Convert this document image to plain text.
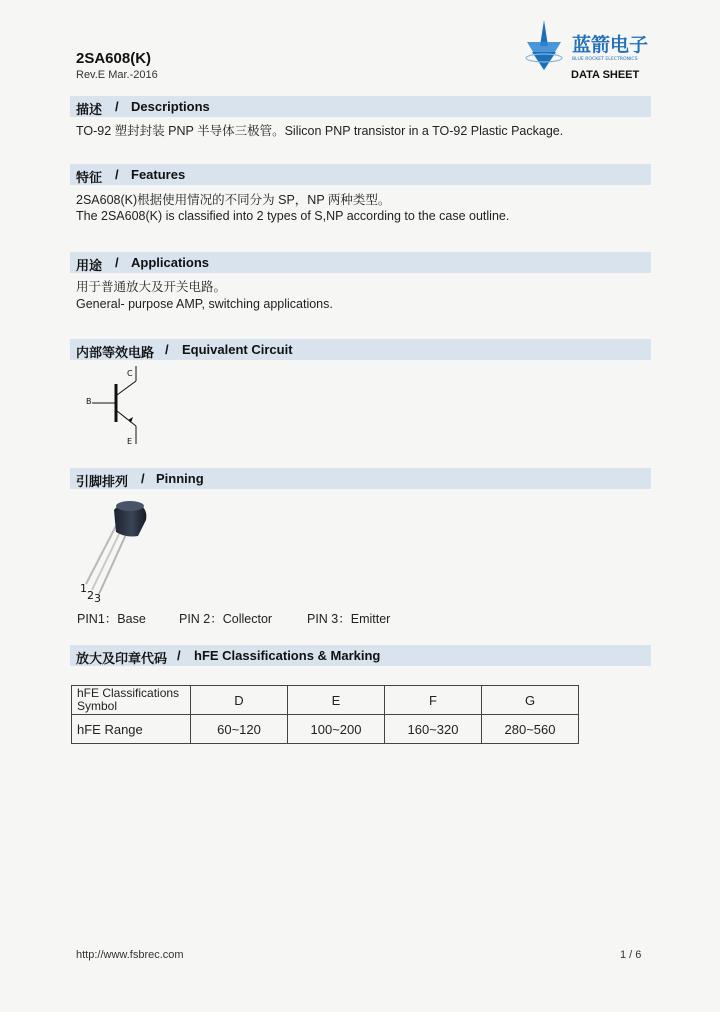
2SA608(K)
Rev.E Mar.-2016
蓝箭电子
BLUE ROCKET ELECTRONICS
DATA SHEET
描述 / Descriptions
TO-92 塑封封装 PNP 半导体三极管。Silicon PNP transistor in a TO-92 Plastic Package.
特征 / Features
2SA608(K)根据使用情况的不同分为 SP，NP 两种类型。
The 2SA608(K) is classified into 2 types of S,NP according to the case outline.
用途 / Applications
用于普通放大及开关电路。
General- purpose AMP, switching applications.
内部等效电路 / Equivalent Circuit
B
C
E
引脚排列 / Pinning
1
2 3
PIN1：Base	PIN 2：Collector	PIN 3：Emitter
放大及印章代码 / hFE Classifications & Marking
hFE Classifications
Symbol	D	E	F	G
hFE Range	60~120	100~200	160~320	280~560
http://www.fsbrec.com	1 / 6
